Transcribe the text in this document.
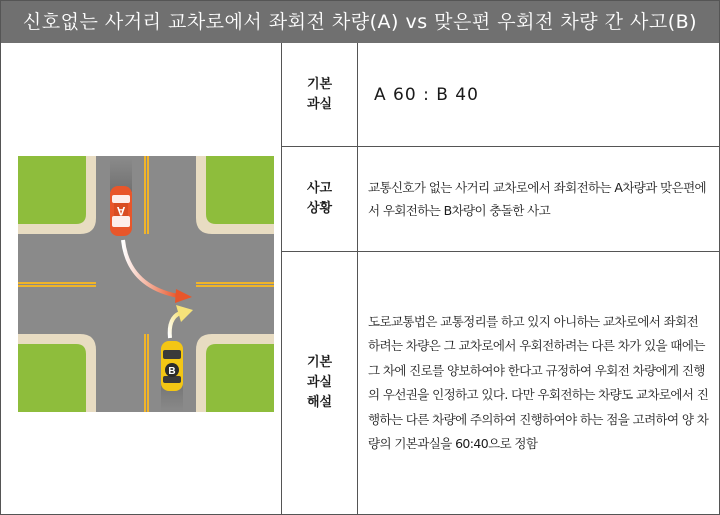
신호없는 사거리 교차로에서 좌회전 차량(A) vs 맞은편 우회전 차량 간 사고(B)
A
B
기본
과실	A 60 : B 40
사고
상황
교통신호가 없는 사거리 교차로에서 좌회전하는 A차량과 맞은편에서 우회전하는 B차량이 충돌한 사고
기본
과실
해설
도로교통법은 교통정리를 하고 있지 아니하는 교차로에서 좌회전하려는 차량은 그 교차로에서 우회전하려는 다른 차가 있을 때에는 그 차에 진로를 양보하여야 한다고 규정하여 우회전 차량에게 진행의 우선권을 인정하고 있다. 다만 우회전하는 차량도 교차로에서 진행하는 다른 차량에 주의하여 진행하여야 하는 점을 고려하여 양 차량의 기본과실을 60:40으로 정함
